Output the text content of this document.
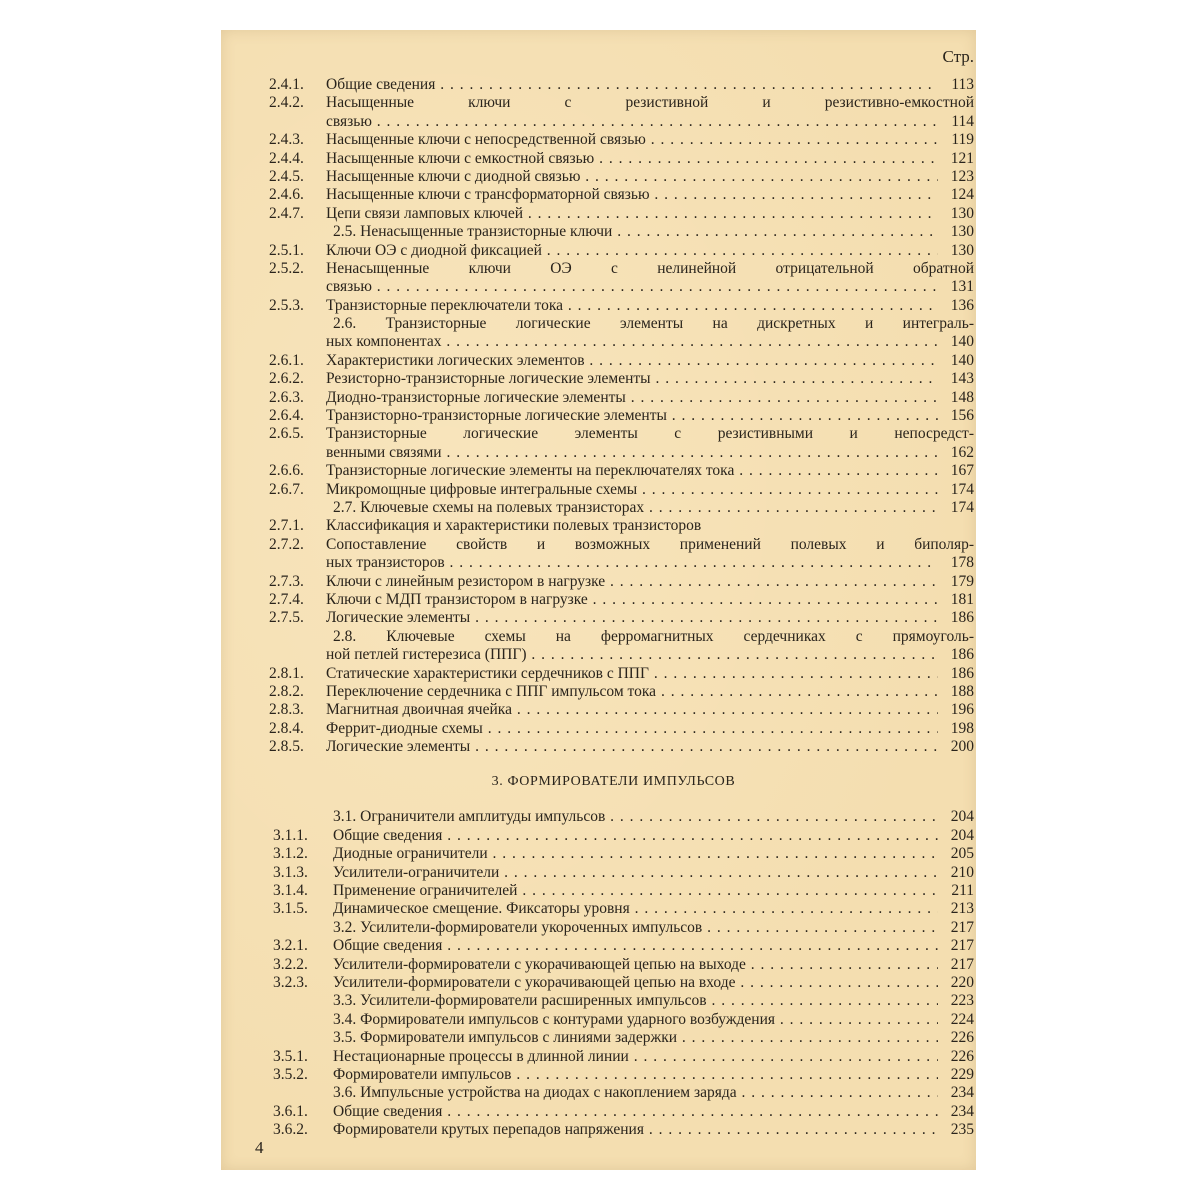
Стр.
2.4.1. Общие сведения . . .	113
2.4.2. Насыщенные ключи с резистивной и резистивно-емкостной
связью . . .	114
2.4.3. Насыщенные ключи с непосредственной связью . . .	119
2.4.4. Насыщенные ключи с емкостной связью . . .	121
2.4.5. Насыщенные ключи с диодной связью . . .	123
2.4.6. Насыщенные ключи с трансформаторной связью . . .	124
2.4.7. Цепи связи ламповых ключей . . .	130
2.5. Ненасыщенные транзисторные ключи . . .	130
2.5.1. Ключи ОЭ с диодной фиксацией . . .	130
2.5.2. Ненасыщенные ключи ОЭ с нелинейной отрицательной обратной
связью . . .	131
2.5.3. Транзисторные переключатели тока . . .	136
2.6. Транзисторные логические элементы на дискретных и интеграль-
ных компонентах . . .	140
2.6.1. Характеристики логических элементов . . .	140
2.6.2. Резисторно-транзисторные логические элементы . . .	143
2.6.3. Диодно-транзисторные логические элементы . . .	148
2.6.4. Транзисторно-транзисторные логические элементы . . .	156
2.6.5. Транзисторные логические элементы с резистивными и непосредст-
венными связями . . .	162
2.6.6. Транзисторные логические элементы на переключателях тока . . .	167
2.6.7. Микромощные цифровые интегральные схемы . . .	174
2.7. Ключевые схемы на полевых транзисторах . . .	174
2.7.1. Классификация и характеристики полевых транзисторов
2.7.2. Сопоставление свойств и возможных применений полевых и биполяр-
ных транзисторов . . .	178
2.7.3. Ключи с линейным резистором в нагрузке . . .	179
2.7.4. Ключи с МДП транзистором в нагрузке . . .	181
2.7.5. Логические элементы . . .	186
2.8. Ключевые схемы на ферромагнитных сердечниках с прямоуголь-
ной петлей гистерезиса (ППГ) . . .	186
2.8.1. Статические характеристики сердечников с ППГ . . .	186
2.8.2. Переключение сердечника с ППГ импульсом тока . . .	188
2.8.3. Магнитная двоичная ячейка . . .	196
2.8.4. Феррит-диодные схемы . . .	198
2.8.5. Логические элементы . . .	200
3. ФОРМИРОВАТЕЛИ ИМПУЛЬСОВ
3.1. Ограничители амплитуды импульсов . . .	204
3.1.1. Общие сведения . . .	204
3.1.2. Диодные ограничители . . .	205
3.1.3. Усилители-ограничители . . .	210
3.1.4. Применение ограничителей . . .	211
3.1.5. Динамическое смещение. Фиксаторы уровня . . .	213
3.2. Усилители-формирователи укороченных импульсов . . .	217
3.2.1. Общие сведения . . .	217
3.2.2. Усилители-формирователи с укорачивающей цепью на выходе . . .	217
3.2.3. Усилители-формирователи с укорачивающей цепью на входе . . .	220
3.3. Усилители-формирователи расширенных импульсов . . .	223
3.4. Формирователи импульсов с контурами ударного возбуждения . . .	224
3.5. Формирователи импульсов с линиями задержки . . .	226
3.5.1. Нестационарные процессы в длинной линии . . .	226
3.5.2. Формирователи импульсов . . .	229
3.6. Импульсные устройства на диодах с накоплением заряда . . .	234
3.6.1. Общие сведения . . .	234
3.6.2. Формирователи крутых перепадов напряжения . . .	235
4
